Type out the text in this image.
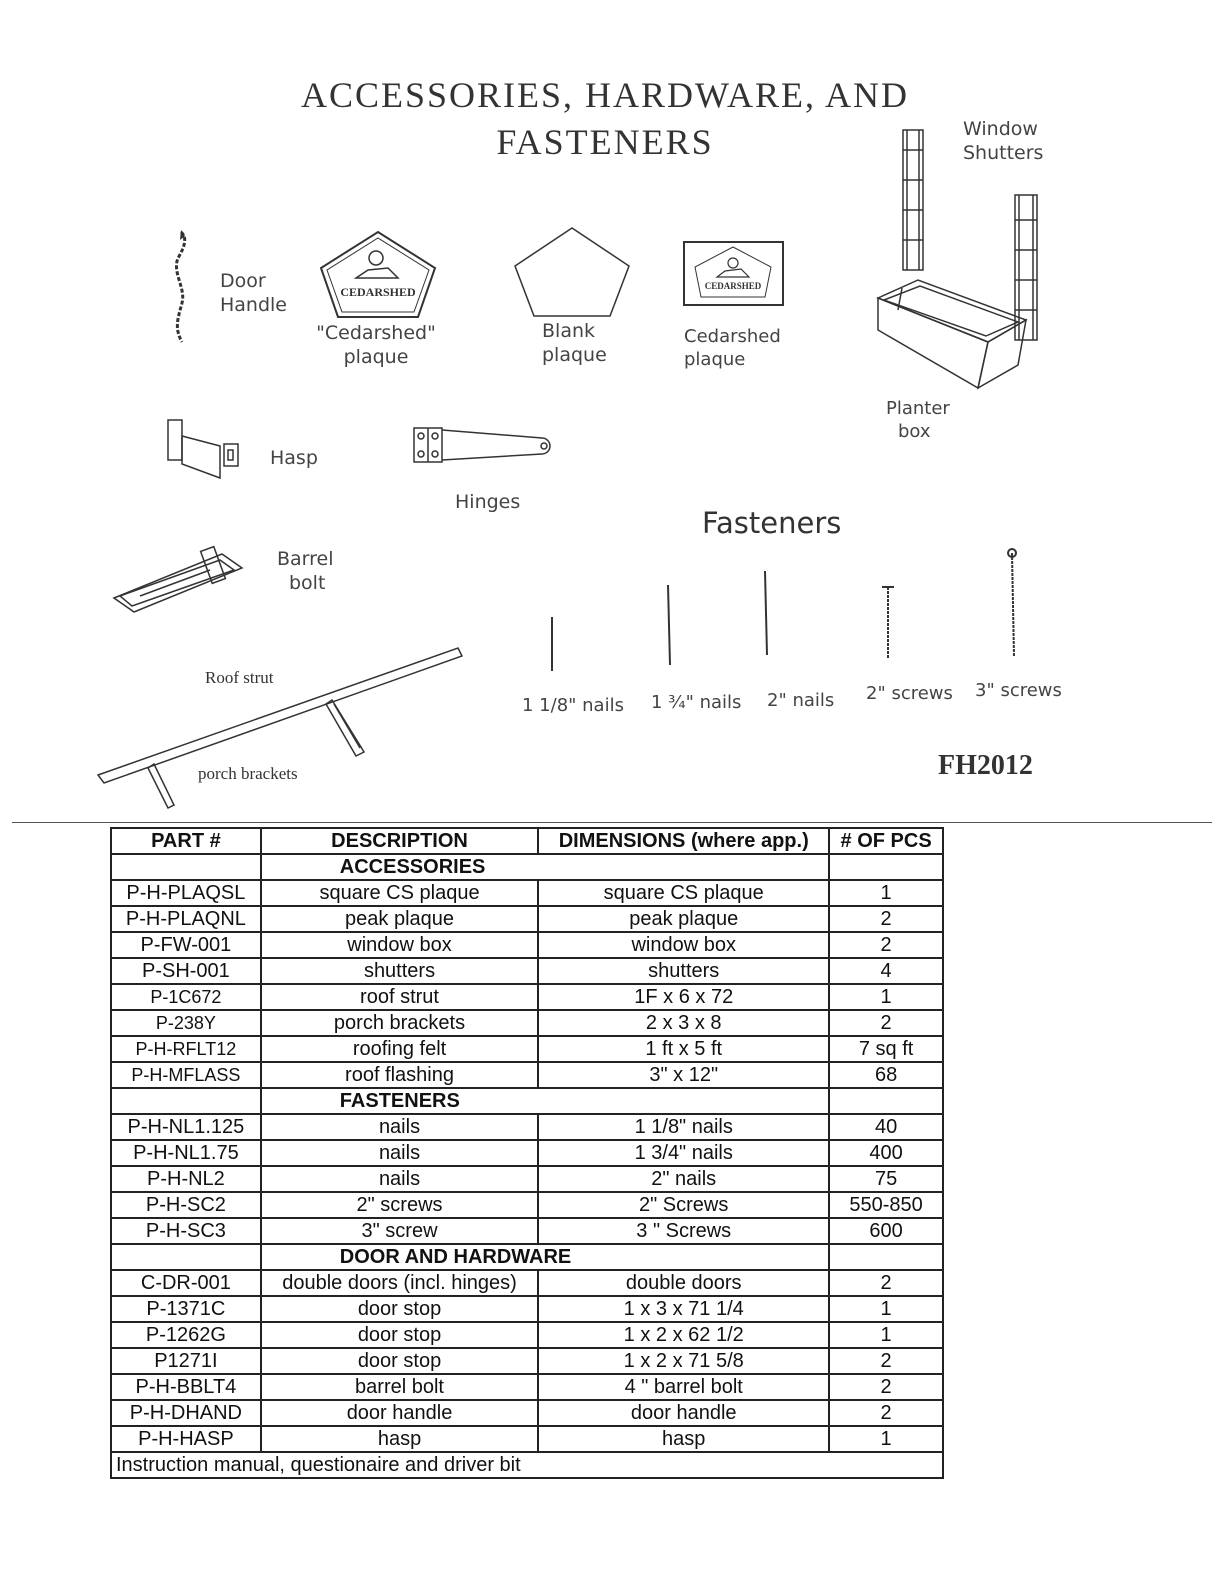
ACCESSORIES, HARDWARE, AND
FASTENERS	Window
Shutters
Door
Handle
CEDARSHED
"Cedarshed"
plaque
Blank
plaque
CEDARSHED
Cedarshed
plaque
Planter
box
Hasp
Hinges
Fasteners
Barrel
bolt
Roof strut
porch brackets
1 1/8" nails 1 ¾" nails 2" nails 2" screws 3" screws
FH2012
PART #	DESCRIPTION	DIMENSIONS (where app.)	# OF PCS
	ACCESSORIES		
P-H-PLAQSL	square CS plaque	square CS plaque	1
P-H-PLAQNL	peak plaque	peak plaque	2
P-FW-001	window box	window box	2
P-SH-001	shutters	shutters	4
P-1C672	roof strut	1F x 6 x 72	1
P-238Y	porch brackets	2 x 3 x 8	2
P-H-RFLT12	roofing felt	1 ft x 5 ft	7 sq ft
P-H-MFLASS	roof flashing	3" x 12"	68
	FASTENERS		
P-H-NL1.125	nails	1 1/8" nails	40
P-H-NL1.75	nails	1 3/4" nails	400
P-H-NL2	nails	2" nails	75
P-H-SC2	2" screws	2" Screws	550-850
P-H-SC3	3" screw	3 " Screws	600
	DOOR AND HARDWARE		
C-DR-001	double doors (incl. hinges)	double doors	2
P-1371C	door stop	1 x 3 x 71 1/4	1
P-1262G	door stop	1 x 2 x 62 1/2	1
P1271I	door stop	1 x 2 x 71 5/8	2
P-H-BBLT4	barrel bolt	4 " barrel bolt	2
P-H-DHAND	door handle	door handle	2
P-H-HASP	hasp	hasp	1
Instruction manual, questionaire and driver bit			
